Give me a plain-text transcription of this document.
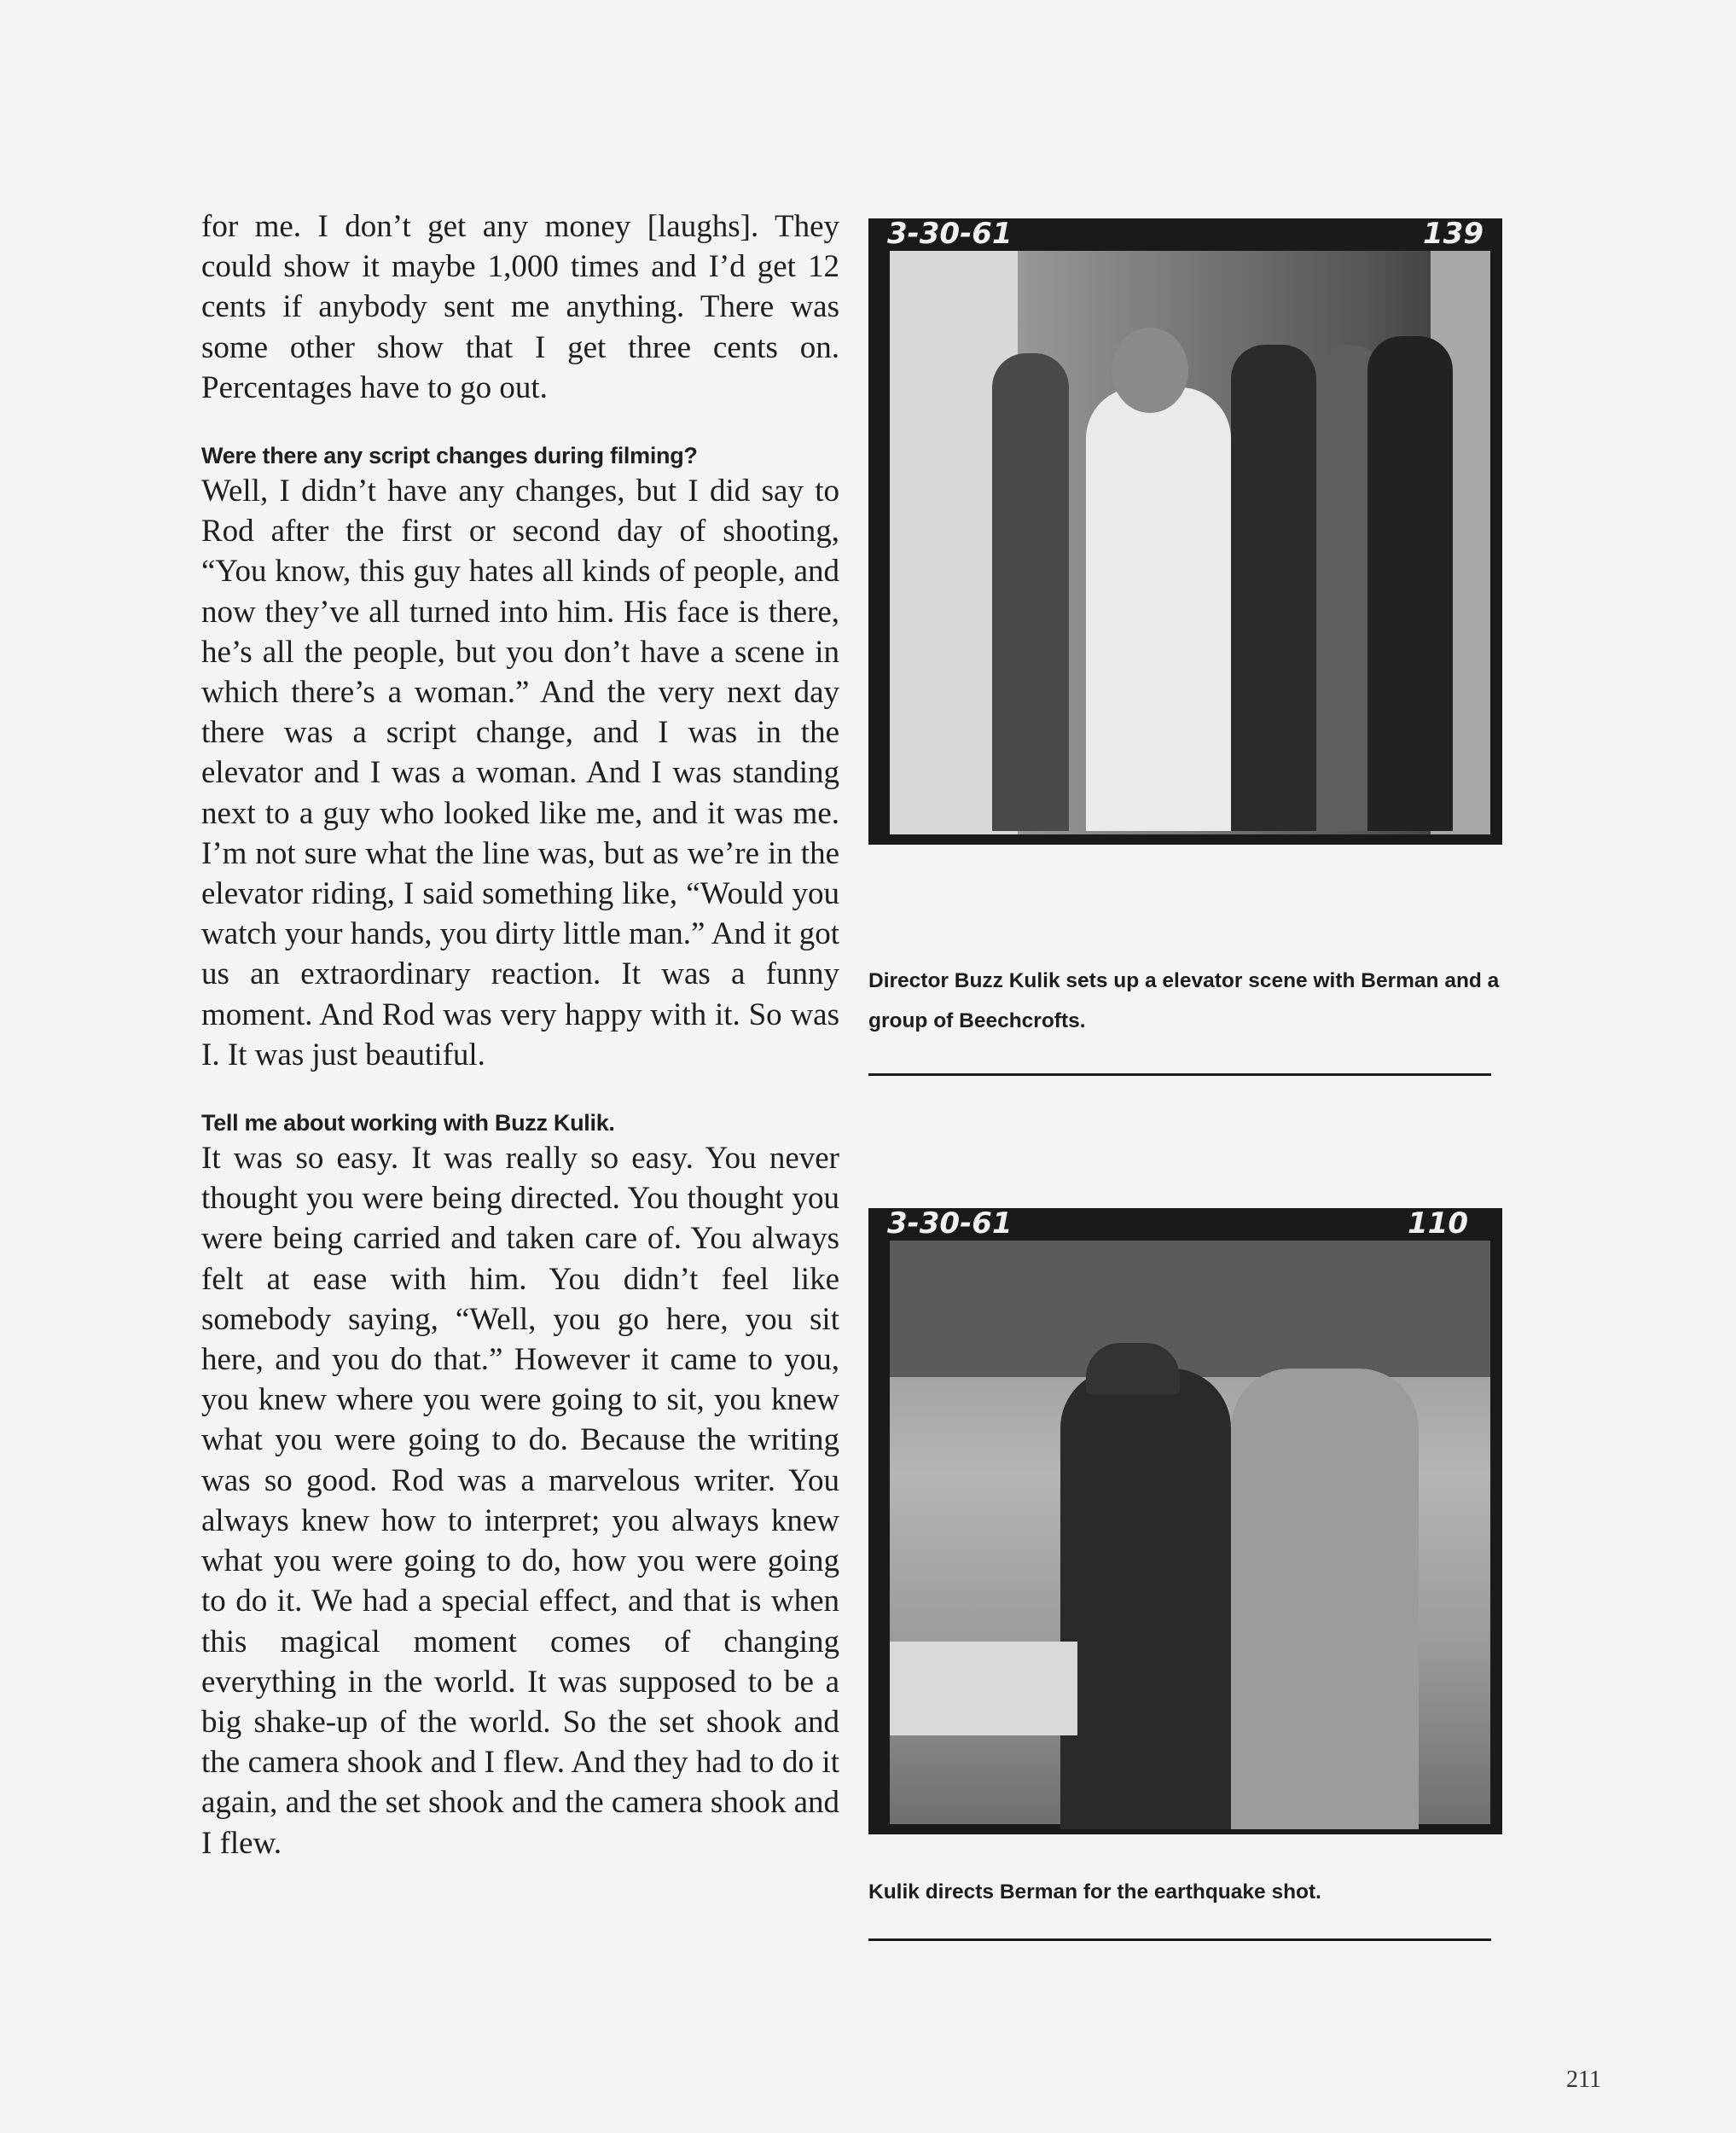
for me. I don’t get any money [laughs]. They could show it maybe 1,000 times and I’d get 12 cents if anybody sent me anything. There was some other show that I get three cents on. Percentages have to go out.

Were there any script changes during filming?

Well, I didn’t have any changes, but I did say to Rod after the first or second day of shooting, “You know, this guy hates all kinds of people, and now they’ve all turned into him. His face is there, he’s all the people, but you don’t have a scene in which there’s a woman.” And the very next day there was a script change, and I was in the elevator and I was a woman. And I was standing next to a guy who looked like me, and it was me. I’m not sure what the line was, but as we’re in the elevator riding, I said something like, “Would you watch your hands, you dirty little man.” And it got us an extraordinary reaction. It was a funny moment. And Rod was very happy with it. So was I. It was just beautiful.

Tell me about working with Buzz Kulik.

It was so easy. It was really so easy. You never thought you were being directed. You thought you were being carried and taken care of. You always felt at ease with him. You didn’t feel like somebody saying, “Well, you go here, you sit here, and you do that.” However it came to you, you knew where you were going to sit, you knew what you were going to do. Because the writing was so good. Rod was a marvelous writer. You always knew how to interpret; you always knew what you were going to do, how you were going to do it. We had a special effect, and that is when this magical moment comes of changing everything in the world. It was supposed to be a big shake-up of the world. So the set shook and the camera shook and I flew. And they had to do it again, and the set shook and the camera shook and I flew.

3-30-61	139
Director Buzz Kulik sets up a elevator scene with Berman and a group of Beechcrofts.
3-30-61	110
Kulik directs Berman for the earthquake shot.
211
